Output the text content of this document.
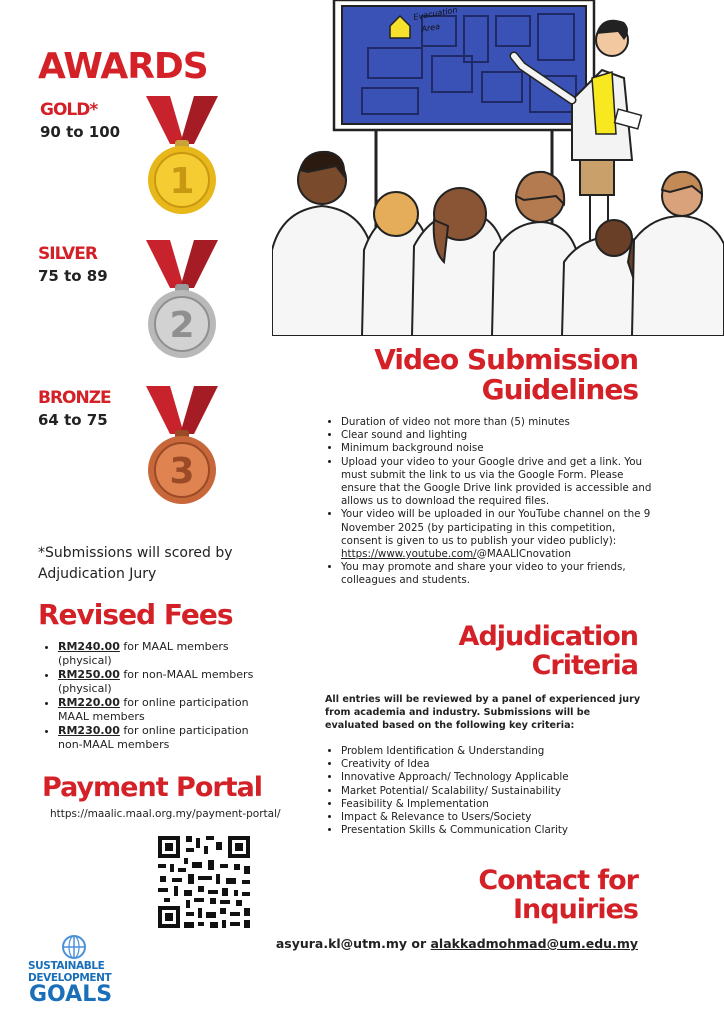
AWARDS
GOLD*
90 to 100
SILVER
75 to 89
BRONZE
64 to 75
1
2
3
*Submissions will scored by Adjudication Jury
Evacuation
Area
Video Submission
Guidelines
• Duration of video not more than (5) minutes
• Clear sound and lighting
• Minimum background noise
• Upload your video to your Google drive and get a link. You must submit the link to us via the Google Form. Please ensure that the Google Drive link provided is accessible and allows us to download the required files.
• Your video will be uploaded in our YouTube channel on the 9 November 2025 (by participating in this competition, consent is given to us to publish your video publicly):
https://www.youtube.com/@MAALICnovation
• You may promote and share your video to your friends, colleagues and students.
Revised Fees
• RM240.00 for MAAL members (physical)
• RM250.00 for non-MAAL members (physical)
• RM220.00 for online participation MAAL members
• RM230.00 for online participation non-MAAL members
Adjudication
Criteria
All entries will be reviewed by a panel of experienced jury from academia and industry. Submissions will be evaluated based on the following key criteria:
• Problem Identification & Understanding
• Creativity of Idea
• Innovative Approach/ Technology Applicable
• Market Potential/ Scalability/ Sustainability
• Feasibility & Implementation
• Impact & Relevance to Users/Society
• Presentation Skills & Communication Clarity
Payment Portal
https://maalic.maal.org.my/payment-portal/
Contact for
Inquiries
asyura.kl@utm.my or alakkadmohmad@um.edu.my
SUSTAINABLE
DEVELOPMENT
GOALS
